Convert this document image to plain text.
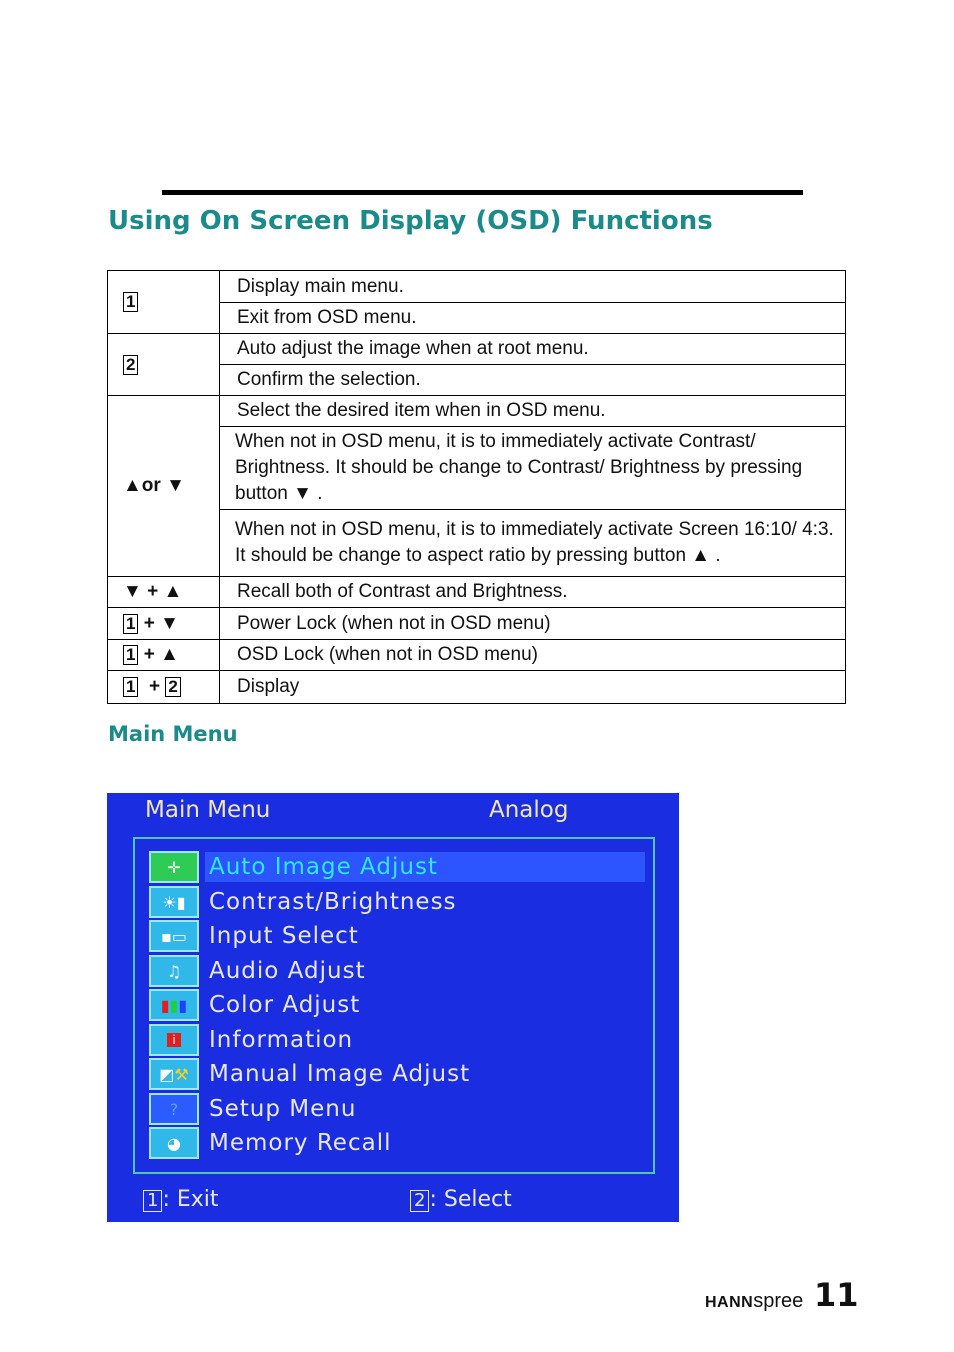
Using On Screen Display (OSD) Functions
1	Display main menu.
	Exit from OSD menu.
2	Auto adjust the image when at root menu.
	Confirm the selection.
▲or ▼	Select the desired item when in OSD menu.
	When not in OSD menu, it is to immediately activate Contrast/ Brightness. It should be change to Contrast/ Brightness by pressing button ▼ .
	When not in OSD menu, it is to immediately activate Screen 16:10/ 4:3. It should be change to aspect ratio by pressing button ▲ .
▼ + ▲	Recall both of Contrast and Brightness.
1 + ▼	Power Lock (when not in OSD menu)
1 + ▲	OSD Lock (when not in OSD menu)
1  + 2	Display
Main Menu
Main Menu	Analog
✛	Auto Image Adjust
☀▮	Contrast/Brightness
▪▭ Input Select
♫	Audio Adjust
▮ ▮ ▮ Color Adjust
i Information
◩ ⚒ Manual Image Adjust
? Setup Menu
◕	Memory Recall
1 : Exit	2 : Select
HANNspree 11
